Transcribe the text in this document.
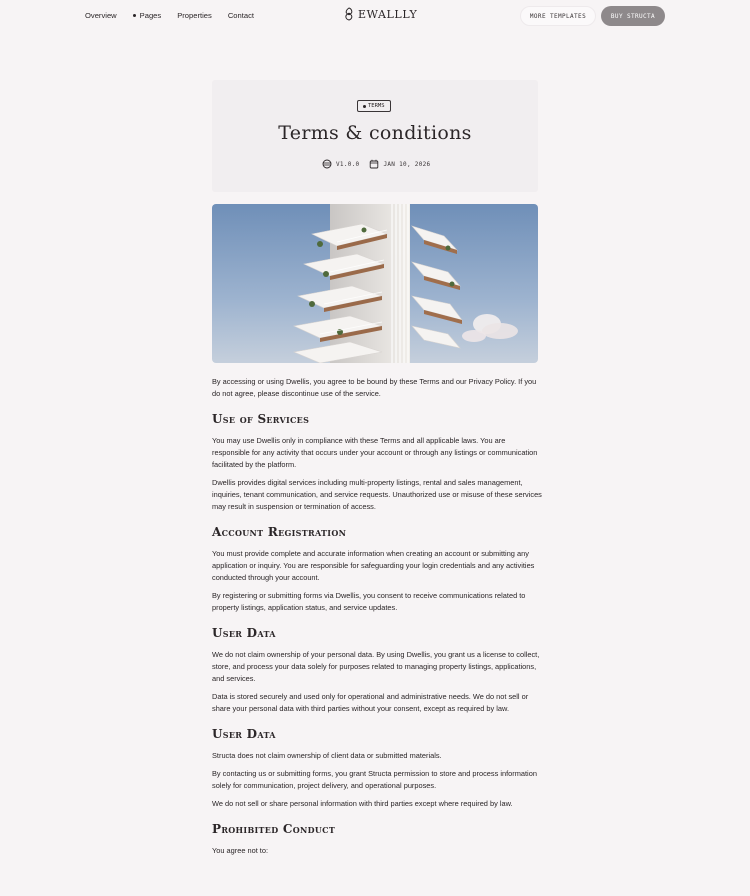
Overview	Pages Properties Contact	EWALLLY	MORE TEMPLATES	BUY STRUCTA
TERMS
Terms & conditions
V1.0.0	JAN 10, 2026

By accessing or using Dwellis, you agree to be bound by these Terms and our Privacy Policy. If you do not agree, please discontinue use of the service.

Use of Services

You may use Dwellis only in compliance with these Terms and all applicable laws. You are responsible for any activity that occurs under your account or through any listings or communication facilitated by the platform.

Dwellis provides digital services including multi-property listings, rental and sales management, inquiries, tenant communication, and service requests. Unauthorized use or misuse of these services may result in suspension or termination of access.

Account Registration

You must provide complete and accurate information when creating an account or submitting any application or inquiry. You are responsible for safeguarding your login credentials and any activities conducted through your account.

By registering or submitting forms via Dwellis, you consent to receive communications related to property listings, application status, and service updates.

User Data

We do not claim ownership of your personal data. By using Dwellis, you grant us a license to collect, store, and process your data solely for purposes related to managing property listings, applications, and services.

Data is stored securely and used only for operational and administrative needs. We do not sell or share your personal data with third parties without your consent, except as required by law.

User Data

Structa does not claim ownership of client data or submitted materials.

By contacting us or submitting forms, you grant Structa permission to store and process information solely for communication, project delivery, and operational purposes.

We do not sell or share personal information with third parties except where required by law.

Prohibited Conduct

You agree not to:
